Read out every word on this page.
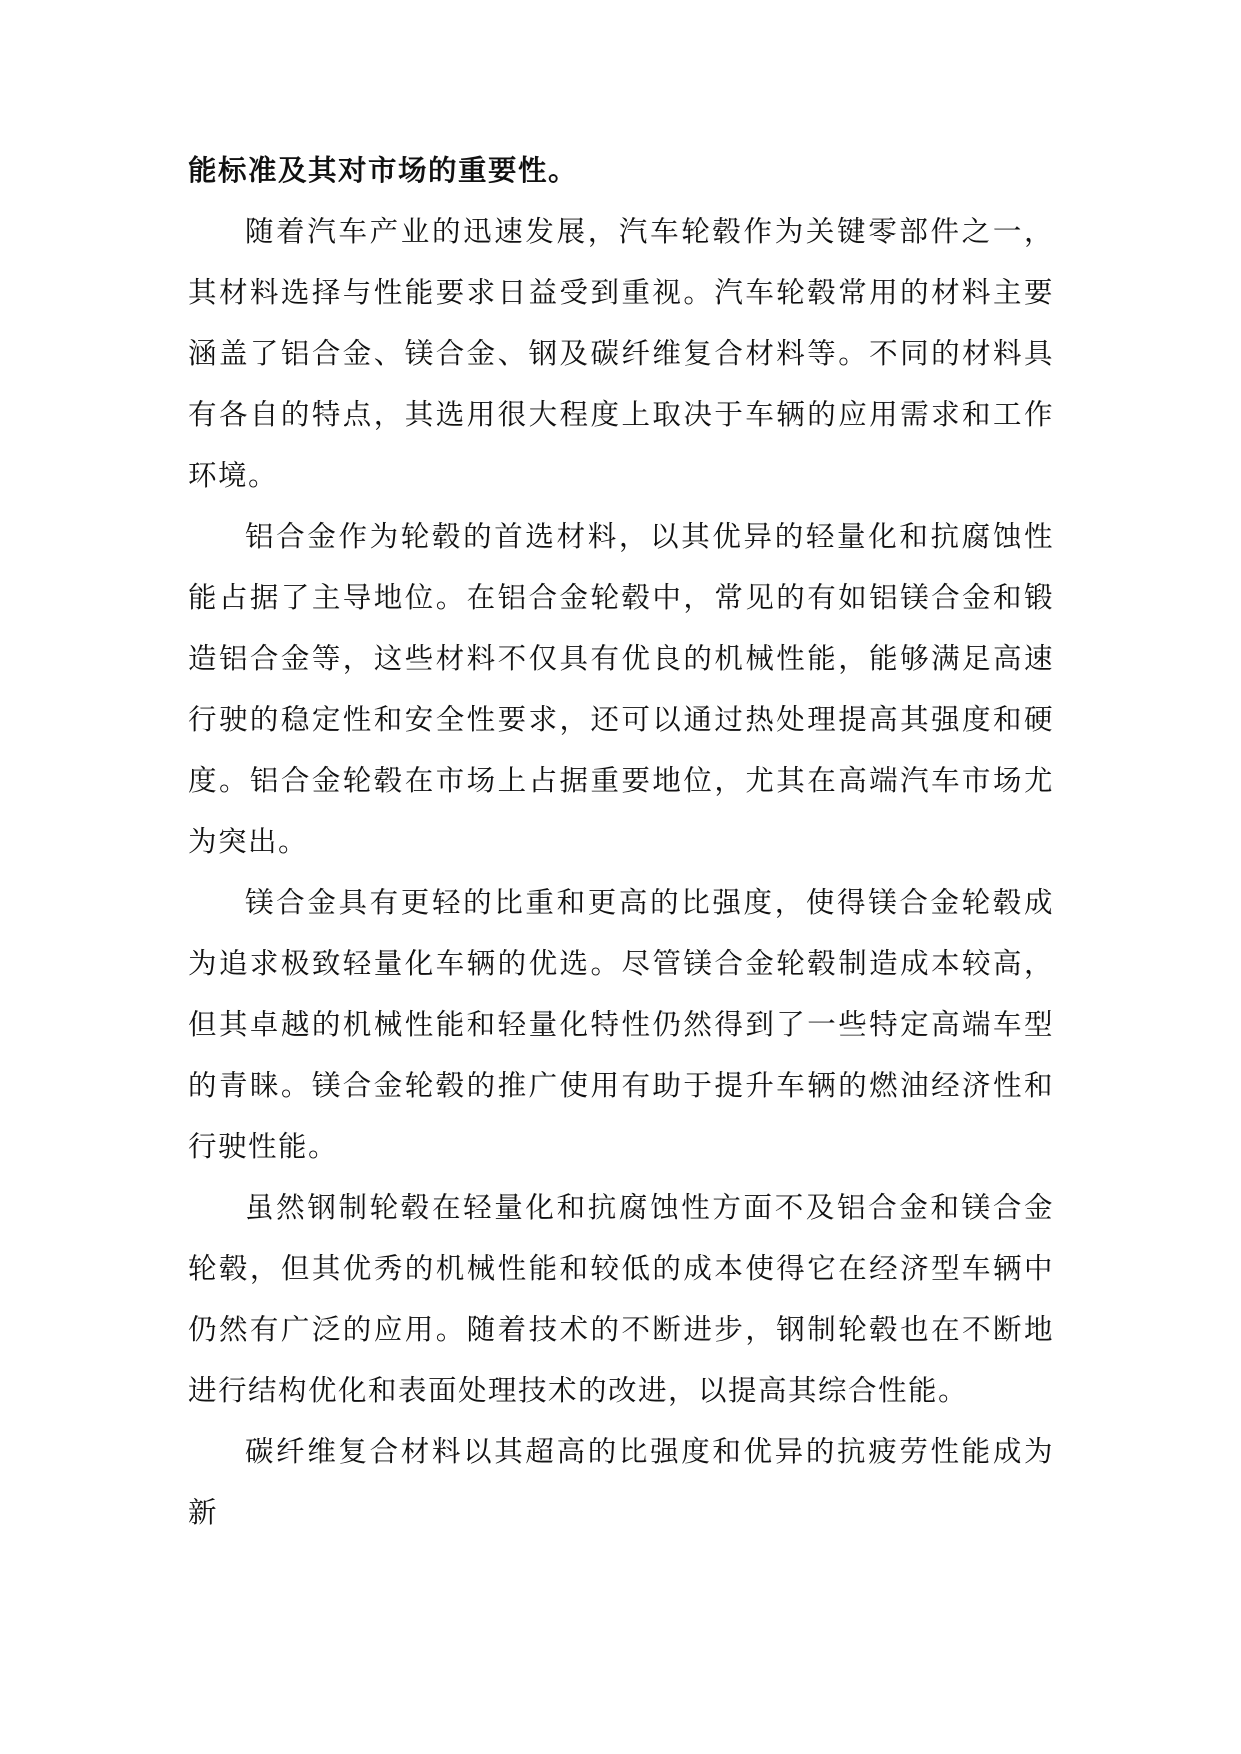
能标准及其对市场的重要性。

随着汽车产业的迅速发展，汽车轮毂作为关键零部件之一，其材料选择与性能要求日益受到重视。汽车轮毂常用的材料主要涵盖了铝合金、镁合金、钢及碳纤维复合材料等。不同的材料具有各自的特点，其选用很大程度上取决于车辆的应用需求和工作环境。

铝合金作为轮毂的首选材料，以其优异的轻量化和抗腐蚀性能占据了主导地位。在铝合金轮毂中，常见的有如铝镁合金和锻造铝合金等，这些材料不仅具有优良的机械性能，能够满足高速行驶的稳定性和安全性要求，还可以通过热处理提高其强度和硬度。铝合金轮毂在市场上占据重要地位，尤其在高端汽车市场尤为突出。

镁合金具有更轻的比重和更高的比强度，使得镁合金轮毂成为追求极致轻量化车辆的优选。尽管镁合金轮毂制造成本较高，但其卓越的机械性能和轻量化特性仍然得到了一些特定高端车型的青睐。镁合金轮毂的推广使用有助于提升车辆的燃油经济性和行驶性能。

虽然钢制轮毂在轻量化和抗腐蚀性方面不及铝合金和镁合金轮毂，但其优秀的机械性能和较低的成本使得它在经济型车辆中仍然有广泛的应用。随着技术的不断进步，钢制轮毂也在不断地进行结构优化和表面处理技术的改进，以提高其综合性能。

碳纤维复合材料以其超高的比强度和优异的抗疲劳性能成为新
